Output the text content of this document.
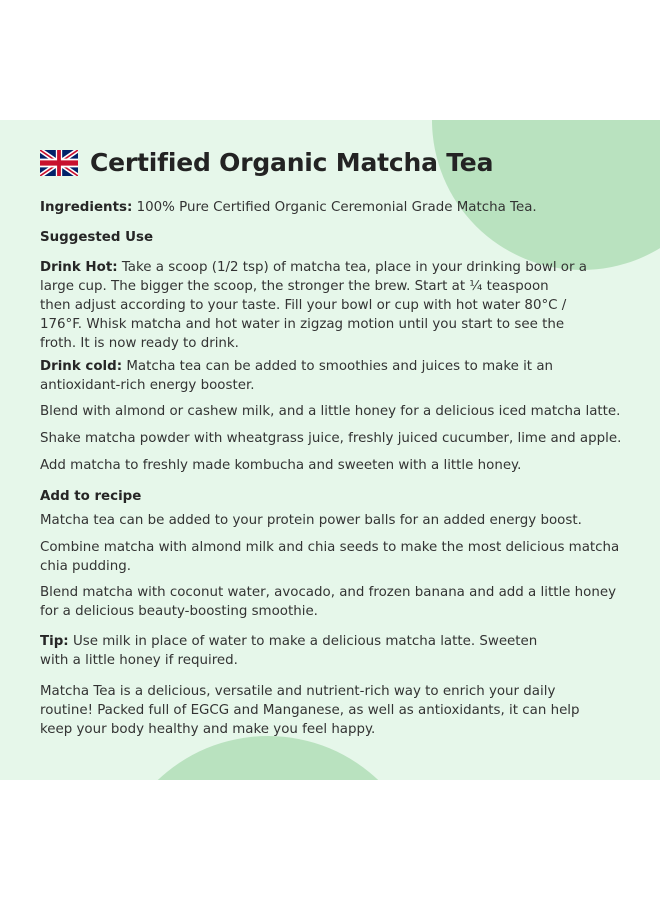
Certified Organic Matcha Tea
Ingredients: 100% Pure Certified Organic Ceremonial Grade Matcha Tea.
Suggested Use
Drink Hot: Take a scoop (1/2 tsp) of matcha tea, place in your drinking bowl or a
large cup. The bigger the scoop, the stronger the brew. Start at ¼ teaspoon
then adjust according to your taste. Fill your bowl or cup with hot water 80°C /
176°F. Whisk matcha and hot water in zigzag motion until you start to see the
froth. It is now ready to drink.
Drink cold: Matcha tea can be added to smoothies and juices to make it an
antioxidant-rich energy booster.
Blend with almond or cashew milk, and a little honey for a delicious iced matcha latte.
Shake matcha powder with wheatgrass juice, freshly juiced cucumber, lime and apple.
Add matcha to freshly made kombucha and sweeten with a little honey.
Add to recipe
Matcha tea can be added to your protein power balls for an added energy boost.
Combine matcha with almond milk and chia seeds to make the most delicious matcha
chia pudding.
Blend matcha with coconut water, avocado, and frozen banana and add a little honey
for a delicious beauty-boosting smoothie.
Tip: Use milk in place of water to make a delicious matcha latte. Sweeten
with a little honey if required.
Matcha Tea is a delicious, versatile and nutrient-rich way to enrich your daily
routine! Packed full of EGCG and Manganese, as well as antioxidants, it can help
keep your body healthy and make you feel happy.
